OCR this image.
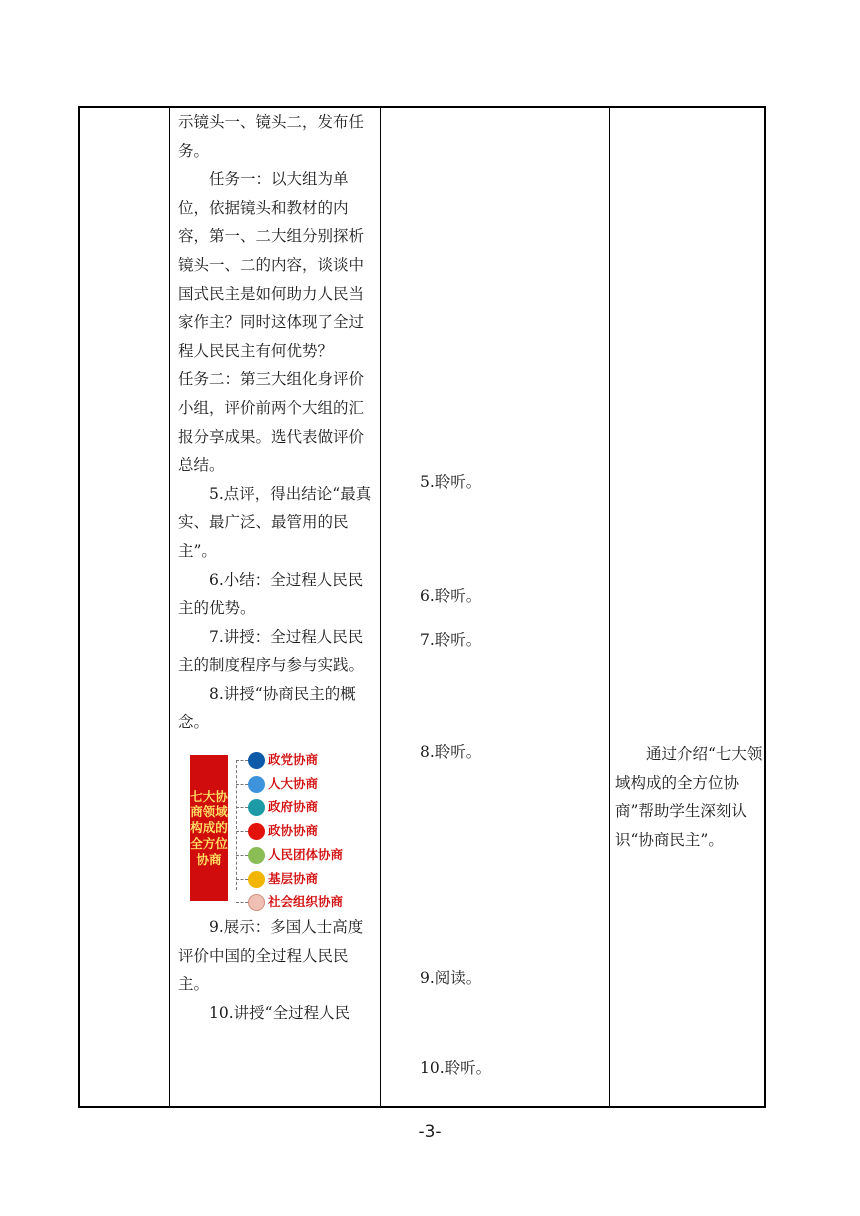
示镜头一、镜头二，发布任务。

任务一：以大组为单位，依据镜头和教材的内容，第一、二大组分别探析镜头一、二的内容，谈谈中国式民主是如何助力人民当家作主？同时这体现了全过程人民民主有何优势？

任务二：第三大组化身评价小组，评价前两个大组的汇报分享成果。选代表做评价总结。

5.点评，得出结论“最真实、最广泛、最管用的民主”。

6.小结：全过程人民民主的优势。

7.讲授：全过程人民民主的制度程序与参与实践。

8.讲授“协商民主的概念。

七大协商领域构成的全方位协商
政党协商
人大协商
政府协商
政协协商
人民团体协商
基层协商
社会组织协商

9.展示：多国人士高度评价中国的全过程人民民主。

10.讲授“全过程人民

5.聆听。

6.聆听。

7.聆听。

8.聆听。

9.阅读。

10.聆听。

通过介绍“七大领域构成的全方位协商”帮助学生深刻认识“协商民主”。

-3-
